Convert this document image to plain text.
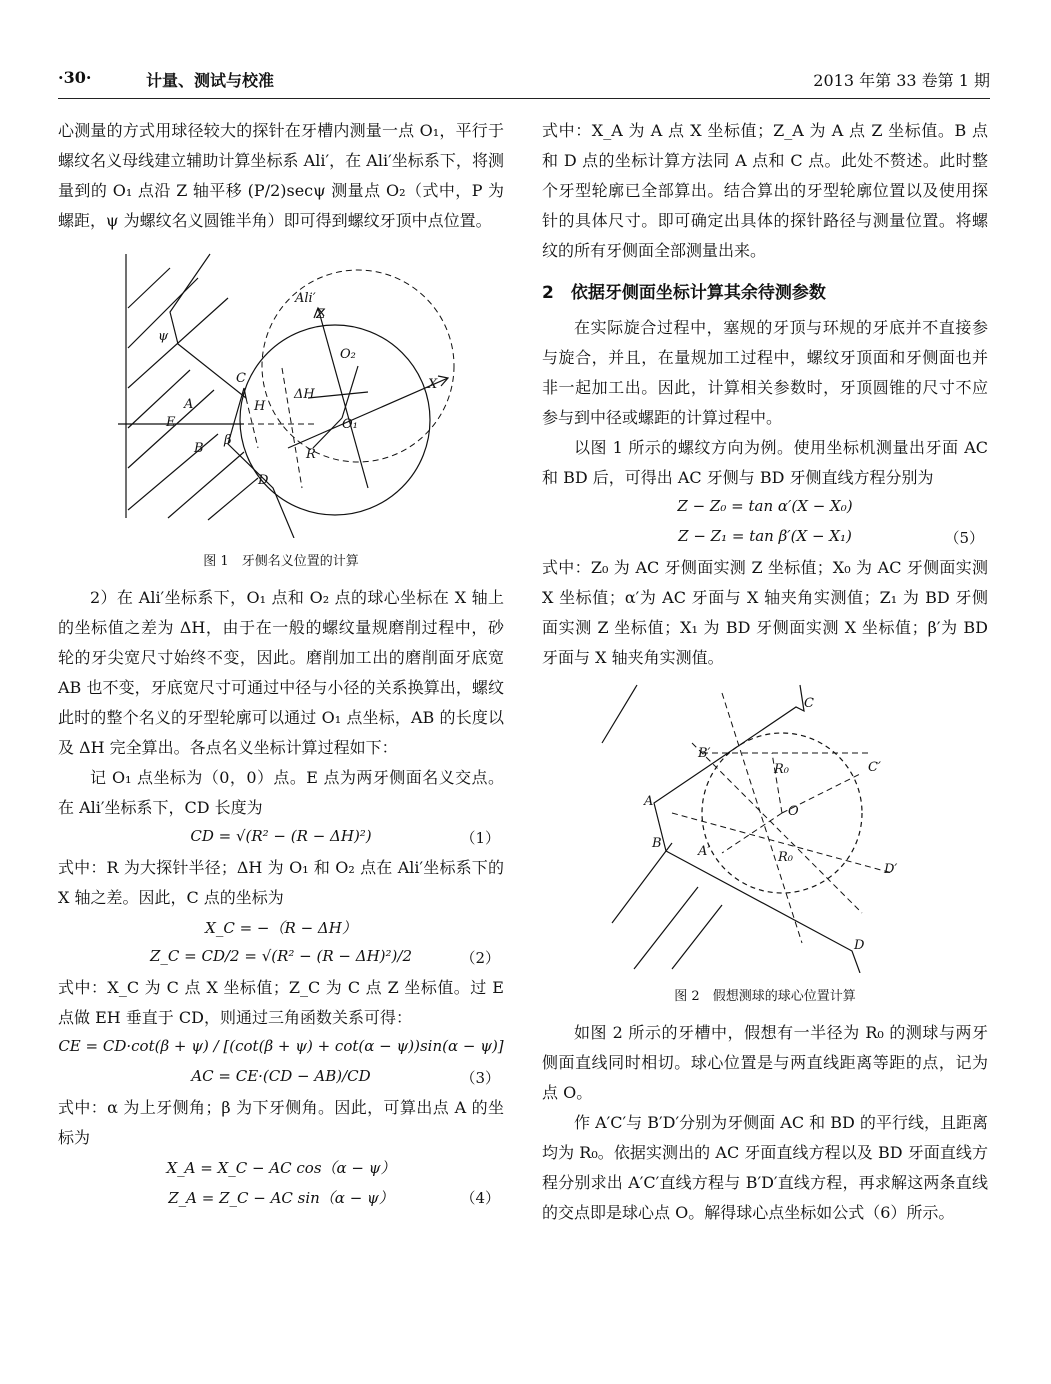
·30·	计量、测试与校准	2013 年第 33 卷第 1 期

心测量的方式用球径较大的探针在牙槽内测量一点 O₁，平行于螺纹名义母线建立辅助计算坐标系 Ali′，在 Ali′坐标系下，将测量到的 O₁ 点沿 Z 轴平移 (P/2)secψ 测量点 O₂（式中，P 为螺距，ψ 为螺纹名义圆锥半角）即可得到螺纹牙顶中点位置。

Ali′
Z
O₂
C
ΔH
X
A
E
H
O₁
ψ
B
β
R
D
图 1　牙侧名义位置的计算

2）在 Ali′坐标系下，O₁ 点和 O₂ 点的球心坐标在 X 轴上的坐标值之差为 ΔH，由于在一般的螺纹量规磨削过程中，砂轮的牙尖宽尺寸始终不变，因此。磨削加工出的磨削面牙底宽 AB 也不变，牙底宽尺寸可通过中径与小径的关系换算出，螺纹此时的整个名义的牙型轮廓可以通过 O₁ 点坐标，AB 的长度以及 ΔH 完全算出。各点名义坐标计算过程如下：

记 O₁ 点坐标为（0，0）点。E 点为两牙侧面名义交点。在 Ali′坐标系下，CD 长度为

CD = √(R² − (R − ΔH)²)	（1）

式中：R 为大探针半径；ΔH 为 O₁ 和 O₂ 点在 Ali′坐标系下的 X 轴之差。因此，C 点的坐标为

X_C = −（R − ΔH）
Z_C = CD/2 = √(R² − (R − ΔH)²)/2	（2）

式中：X_C 为 C 点 X 坐标值；Z_C 为 C 点 Z 坐标值。过 E 点做 EH 垂直于 CD，则通过三角函数关系可得：

CE = CD·cot(β + ψ) / [(cot(β + ψ) + cot(α − ψ))sin(α − ψ)]
AC = CE·(CD − AB)/CD	（3）

式中：α 为上牙侧角；β 为下牙侧角。因此，可算出点 A 的坐标为

X_A = X_C − AC cos（α − ψ）
Z_A = Z_C − AC sin（α − ψ）	（4）

式中：X_A 为 A 点 X 坐标值；Z_A 为 A 点 Z 坐标值。B 点和 D 点的坐标计算方法同 A 点和 C 点。此处不赘述。此时整个牙型轮廓已全部算出。结合算出的牙型轮廓位置以及使用探针的具体尺寸。即可确定出具体的探针路径与测量位置。将螺纹的所有牙侧面全部测量出来。

2　依据牙侧面坐标计算其余待测参数

在实际旋合过程中，塞规的牙顶与环规的牙底并不直接参与旋合，并且，在量规加工过程中，螺纹牙顶面和牙侧面也并非一起加工出。因此，计算相关参数时，牙顶圆锥的尺寸不应参与到中径或螺距的计算过程中。

以图 1 所示的螺纹方向为例。使用坐标机测量出牙面 AC 和 BD 后，可得出 AC 牙侧与 BD 牙侧直线方程分别为

Z − Z₀ = tan α′(X − X₀)
Z − Z₁ = tan β′(X − X₁)	（5）

式中：Z₀ 为 AC 牙侧面实测 Z 坐标值；X₀ 为 AC 牙侧面实测 X 坐标值；α′为 AC 牙面与 X 轴夹角实测值；Z₁ 为 BD 牙侧面实测 Z 坐标值；X₁ 为 BD 牙侧面实测 X 坐标值；β′为 BD 牙面与 X 轴夹角实测值。

C
B′
R₀	C′
A
O
B
A′	R₀
D′
D
图 2　假想测球的球心位置计算

如图 2 所示的牙槽中，假想有一半径为 R₀ 的测球与两牙侧面直线同时相切。球心位置是与两直线距离等距的点，记为点 O。

作 A′C′与 B′D′分别为牙侧面 AC 和 BD 的平行线，且距离均为 R₀。依据实测出的 AC 牙面直线方程以及 BD 牙面直线方程分别求出 A′C′直线方程与 B′D′直线方程，再求解这两条直线的交点即是球心点 O。解得球心点坐标如公式（6）所示。
